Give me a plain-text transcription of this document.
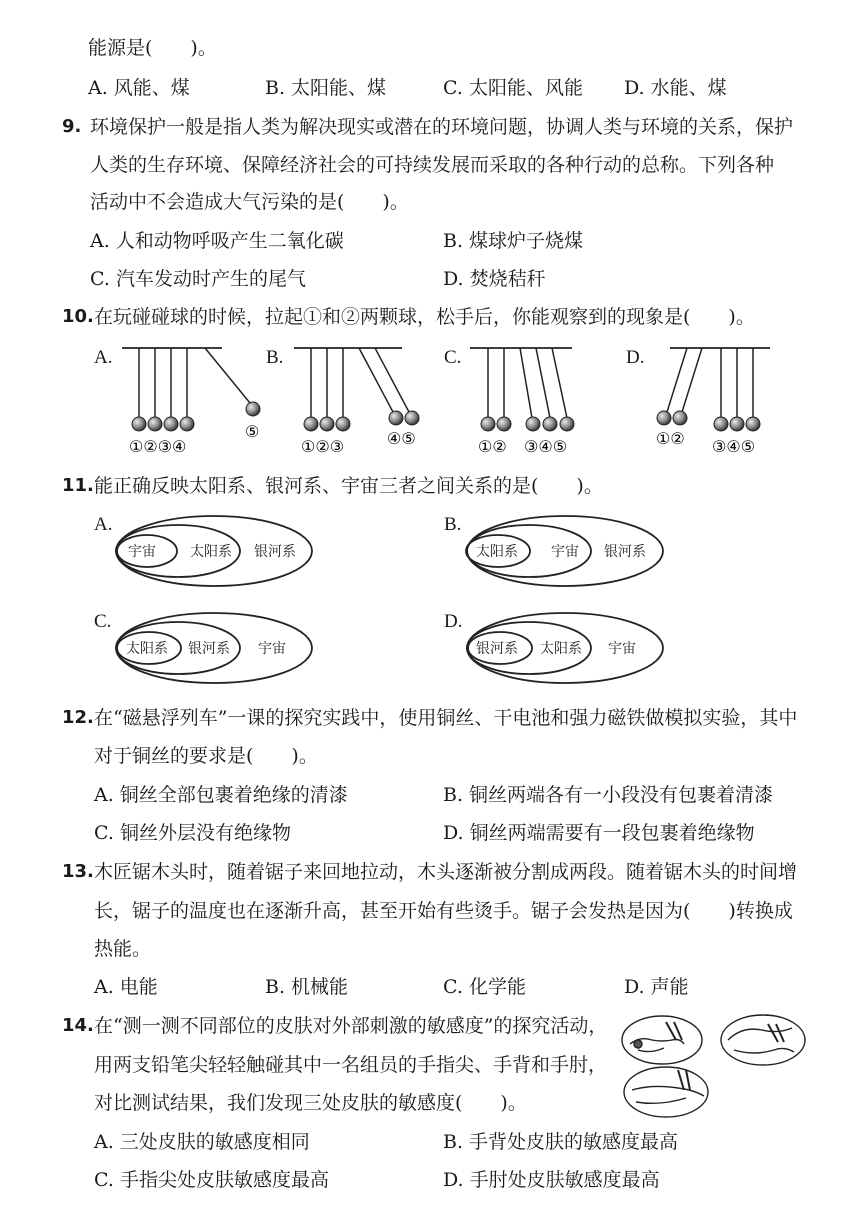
能源是(　　)。
A. 风能、煤	B. 太阳能、煤	C. 太阳能、风能 D. 水能、煤
9. 环境保护一般是指人类为解决现实或潜在的环境问题，协调人类与环境的关系，保护
人类的生存环境、保障经济社会的可持续发展而采取的各种行动的总称。下列各种
活动中不会造成大气污染的是(　　)。
A. 人和动物呼吸产生二氧化碳	B. 煤球炉子烧煤
C. 汽车发动时产生的尾气	D. 焚烧秸秆
10. 在玩碰碰球的时候，拉起①和②两颗球，松手后，你能观察到的现象是(　　)。
A.	B.	C.	D.
①②③④
⑤
①②③	④⑤	①② ③④⑤	①② ③④⑤
11. 能正确反映太阳系、银河系、宇宙三者之间关系的是(　　)。
A.	B.
C.	D.
宇宙 太阳系 银河系	太阳系 宇宙 银河系
太阳系 银河系 宇宙	银河系 太阳系 宇宙
12. 在“磁悬浮列车”一课的探究实践中，使用铜丝、干电池和强力磁铁做模拟实验，其中
对于铜丝的要求是(　　)。
A. 铜丝全部包裹着绝缘的清漆	B. 铜丝两端各有一小段没有包裹着清漆
C. 铜丝外层没有绝缘物	D. 铜丝两端需要有一段包裹着绝缘物
13. 木匠锯木头时，随着锯子来回地拉动，木头逐渐被分割成两段。随着锯木头的时间增
长，锯子的温度也在逐渐升高，甚至开始有些烫手。锯子会发热是因为(　　)转换成
热能。
A. 电能	B. 机械能	C. 化学能	D. 声能
14. 在“测一测不同部位的皮肤对外部刺激的敏感度”的探究活动，
用两支铅笔尖轻轻触碰其中一名组员的手指尖、手背和手肘，
对比测试结果，我们发现三处皮肤的敏感度(　　)。
A. 三处皮肤的敏感度相同	B. 手背处皮肤的敏感度最高
C. 手指尖处皮肤敏感度最高	D. 手肘处皮肤敏感度最高
